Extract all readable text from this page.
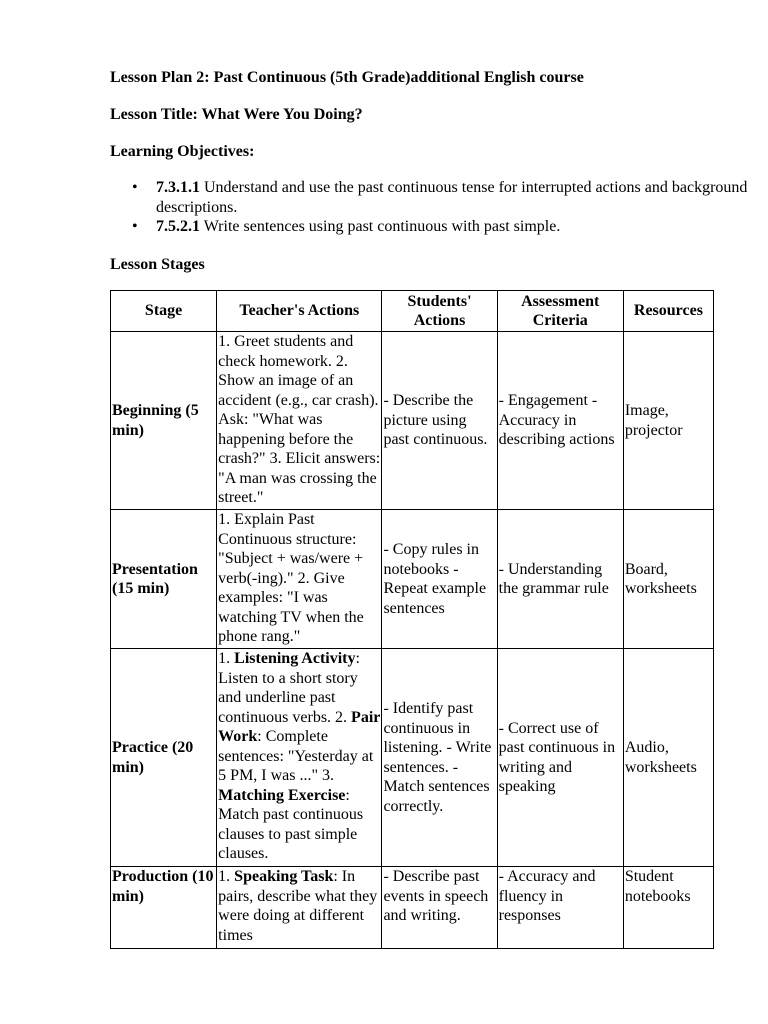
Lesson Plan 2: Past Continuous (5th Grade)additional English course
Lesson Title: What Were You Doing?
Learning Objectives:
• 7.3.1.1 Understand and use the past continuous tense for interrupted actions and background descriptions.
• 7.5.2.1 Write sentences using past continuous with past simple.
Lesson Stages
Stage	Teacher's Actions	Students' Actions	Assessment Criteria	Resources
Beginning (5 min)	1. Greet students and check homework. 2. Show an image of an accident (e.g., car crash). Ask: "What was happening before the crash?" 3. Elicit answers: "A man was crossing the street."	- Describe the picture using past continuous.	- Engagement - Accuracy in describing actions	Image, projector
Presentation (15 min)	1. Explain Past Continuous structure: "Subject + was/were + verb(-ing)." 2. Give examples: "I was watching TV when the phone rang."	- Copy rules in notebooks - Repeat example sentences	- Understanding the grammar rule	Board, worksheets
Practice (20 min)	1. Listening Activity: Listen to a short story and underline past continuous verbs. 2. Pair Work: Complete sentences: "Yesterday at 5 PM, I was ..." 3. Matching Exercise: Match past continuous clauses to past simple clauses.	- Identify past continuous in listening. - Write sentences. - Match sentences correctly.	- Correct use of past continuous in writing and speaking	Audio, worksheets
Production (10 min)	1. Speaking Task: In pairs, describe what they were doing at different times	- Describe past events in speech and writing.	- Accuracy and fluency in responses	Student notebooks
